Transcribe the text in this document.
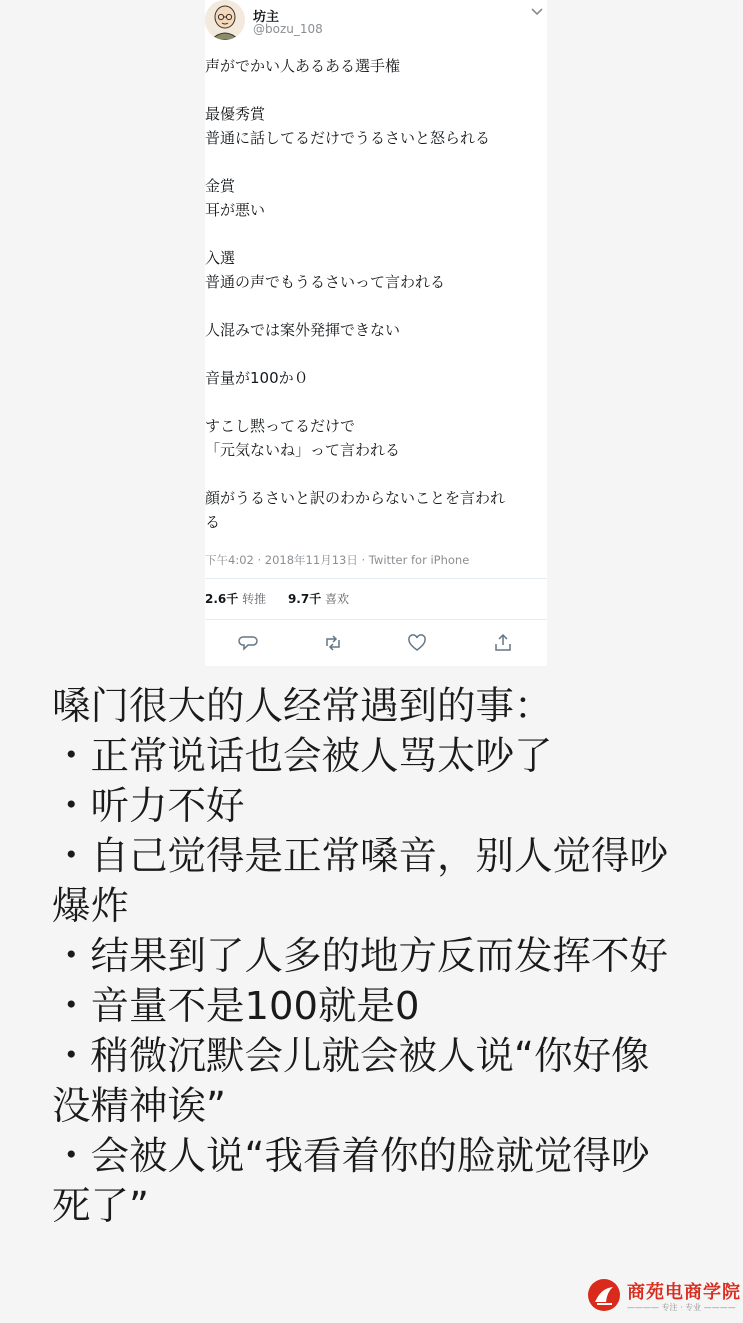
坊主
@bozu_108
声がでかい人あるある選手権
最優秀賞
普通に話してるだけでうるさいと怒られる
金賞
耳が悪い
入選
普通の声でもうるさいって言われる
人混みでは案外発揮できない
音量が100か０
すこし黙ってるだけで
「元気ないね」って言われる
顔がうるさいと訳のわからないことを言われ
る
下午4:02 · 2018年11月13日 · Twitter for iPhone
2.6千 转推 9.7千 喜欢
嗓门很大的人经常遇到的事：
・正常说话也会被人骂太吵了
・听力不好
・自己觉得是正常嗓音，别人觉得吵
爆炸
・结果到了人多的地方反而发挥不好
・音量不是100就是0
・稍微沉默会儿就会被人说“你好像
没精神诶”
・会被人说“我看着你的脸就觉得吵
死了”
商苑电商学院
———— 专注 · 专业 ————
